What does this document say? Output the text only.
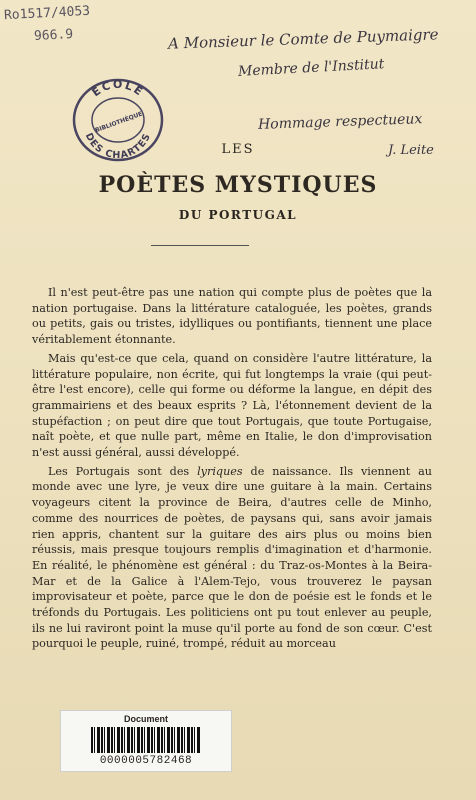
Ro1517/4053
966.9	A Monsieur le Comte de Puymaigre
Membre de l'Institut
Hommage respectueux
J. Leite
ÉCOLE
BIBLIOTHÈQUE
DES CHARTES
LES
POÈTES MYSTIQUES
DU PORTUGAL

Il n'est peut-être pas une nation qui compte plus de poètes que la nation portugaise. Dans la littérature cataloguée, les poètes, grands ou petits, gais ou tristes, idylliques ou pontifiants, tiennent une place véritablement étonnante.

Mais qu'est-ce que cela, quand on considère l'autre littérature, la littérature populaire, non écrite, qui fut longtemps la vraie (qui peut-être l'est encore), celle qui forme ou déforme la langue, en dépit des grammairiens et des beaux esprits ? Là, l'étonnement devient de la stupéfaction ; on peut dire que tout Portugais, que toute Portugaise, naît poète, et que nulle part, même en Italie, le don d'improvisation n'est aussi général, aussi développé.

Les Portugais sont des lyriques de naissance. Ils viennent au monde avec une lyre, je veux dire une guitare à la main. Certains voyageurs citent la province de Beira, d'autres celle de Minho, comme des nourrices de poètes, de paysans qui, sans avoir jamais rien appris, chantent sur la guitare des airs plus ou moins bien réussis, mais presque toujours remplis d'imagination et d'harmonie. En réalité, le phénomène est général : du Traz-os-Montes à la Beira-Mar et de la Galice à l'Alem-Tejo, vous trouverez le paysan improvisateur et poète, parce que le don de poésie est le fonds et le tréfonds du Portugais. Les politiciens ont pu tout enlever au peuple, ils ne lui raviront point la muse qu'il porte au fond de son cœur. C'est pourquoi le peuple, ruiné, trompé, réduit au morceau

Document
0000005782468
